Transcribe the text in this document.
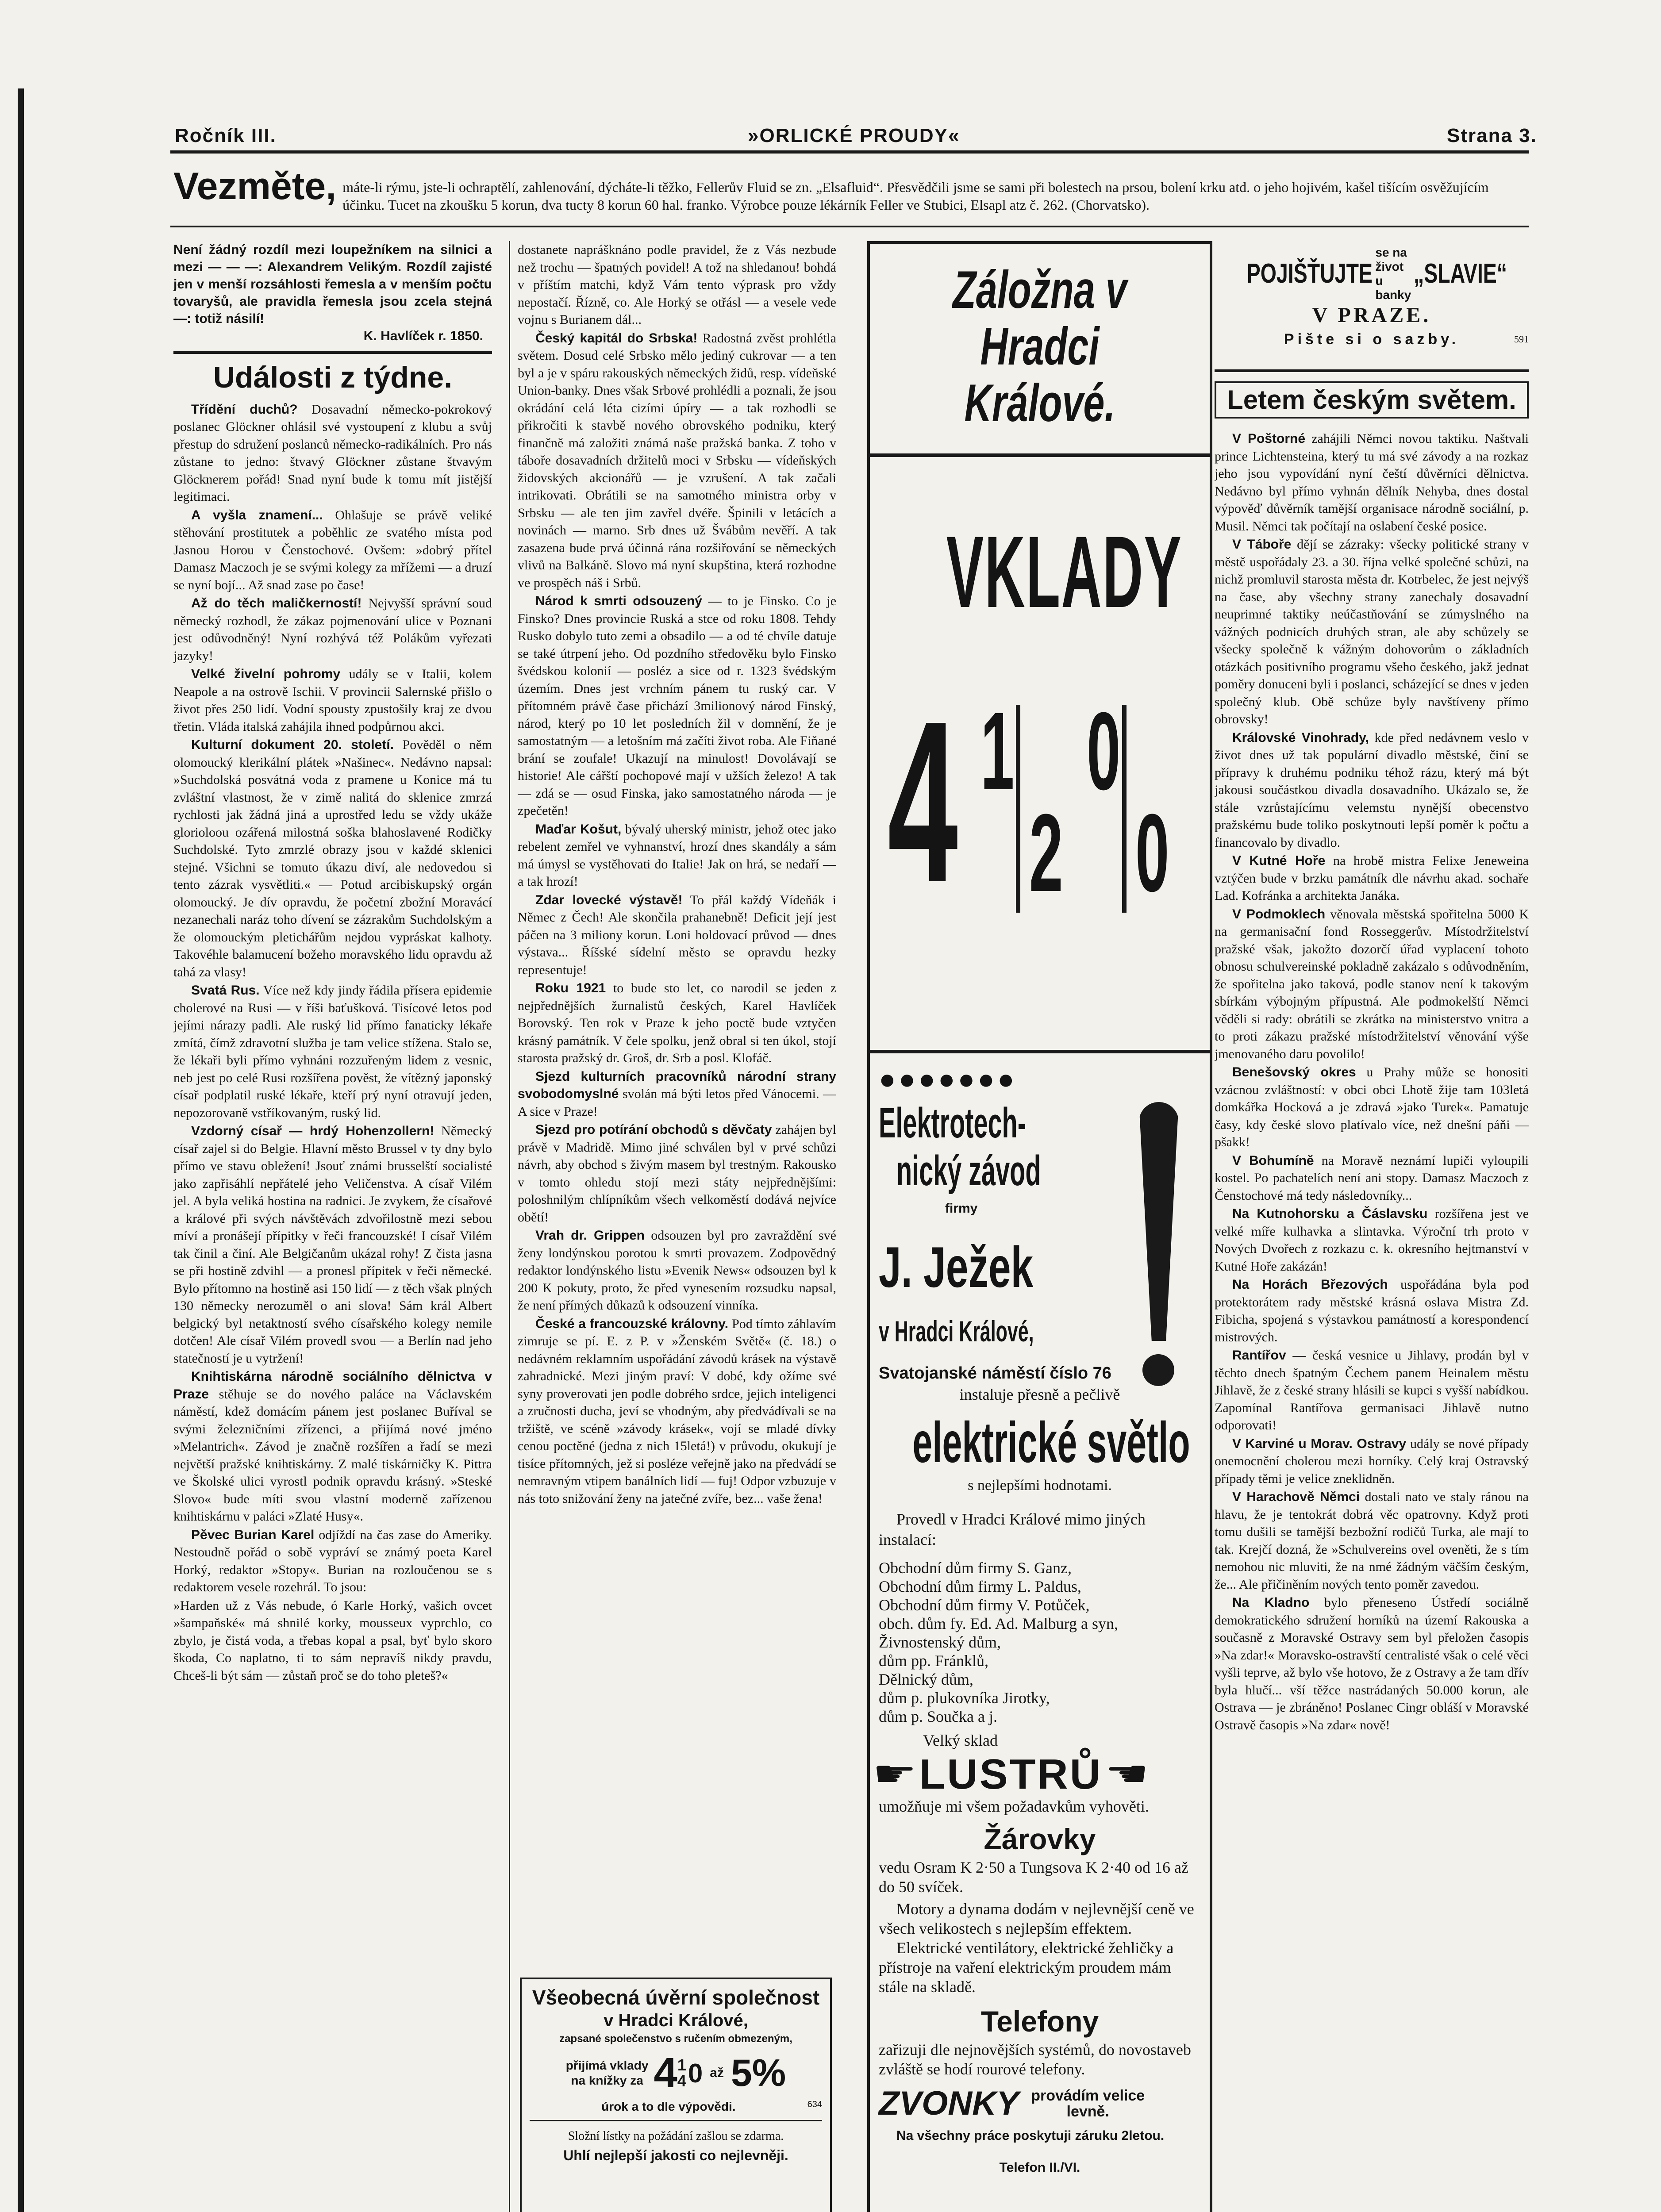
Ročník III.	»ORLICKÉ PROUDY«	Strana 3.
Vezměte, máte-li rýmu, jste-li ochraptělí, zahlenování, dýcháte-li těžko, Fellerův Fluid se zn. „Elsafluid“. Přesvědčili jsme se sami při bolestech na prsou, bolení krku atd. o jeho hojivém, kašel tišícím osvěžujícím účinku. Tucet na zkoušku 5 korun, dva tucty 8 korun 60 hal. franko. Výrobce pouze lékárník Feller ve Stubici, Elsapl atz č. 262. (Chorvatsko).
Není žádný rozdíl mezi loupežníkem na silnici a mezi — — —: Alexandrem Velikým. Rozdíl zajisté jen v menší rozsáhlosti řemesla a v menším počtu tovaryšů, ale pravidla řemesla jsou zcela stejná —: totiž násilí!
K. Havlíček r. 1850.
Události z týdne.

Třídění duchů? Dosavadní německo-pokrokový poslanec Glöckner ohlásil své vystoupení z klubu a svůj přestup do sdružení poslanců německo-radikálních. Pro nás zůstane to jedno: štvavý Glöckner zůstane štvavým Glöcknerem pořád! Snad nyní bude k tomu mít jistější legitimaci.

A vyšla znamení... Ohlašuje se právě veliké stěhování prostitutek a poběhlic ze svatého místa pod Jasnou Horou v Čenstochové. Ovšem: »dobrý přítel Damasz Maczoch je se svými kolegy za mřížemi — a druzí se nyní bojí... Až snad zase po čase!

Až do těch maličkerností! Nejvyšší správní soud německý rozhodl, že zákaz pojmenování ulice v Poznani jest odůvodněný! Nyní rozhývá též Polákům vyřezati jazyky!

Velké živelní pohromy udály se v Italii, kolem Neapole a na ostrově Ischii. V provincii Salernské přišlo o život přes 250 lidí. Vodní spousty zpustošily kraj ze dvou třetin. Vláda italská zahájila ihned podpůrnou akci.

Kulturní dokument 20. století. Pověděl o něm olomoucký klerikální plátek »Našinec«. Nedávno napsal: »Suchdolská posvátná voda z pramene u Konice má tu zvláštní vlastnost, že v zimě nalitá do sklenice zmrzá rychlosti jak žádná jiná a uprostřed ledu se vždy ukáže glorioloou ozářená milostná soška blahoslavené Rodičky Suchdolské. Tyto zmrzlé obrazy jsou v každé sklenici stejné. Všichni se tomuto úkazu diví, ale nedovedou si tento zázrak vysvětliti.« — Potud arcibiskupský orgán olomoucký. Je dív opravdu, že početní zbožní Moravácí nezanechali naráz toho dívení se zázrakům Suchdolským a že olomouckým pletichářům nejdou vypráskat kalhoty. Takovéhle balamucení božeho moravského lidu opravdu až tahá za vlasy!

Svatá Rus. Více než kdy jindy řádila přísera epidemie cholerové na Rusi — v říši baťušková. Tisícové letos pod jejími nárazy padli. Ale ruský lid přímo fanaticky lékaře zmítá, čímž zdravotní služba je tam velice stížena. Stalo se, že lékaři byli přímo vyhnáni rozzuřeným lidem z vesnic, neb jest po celé Rusi rozšířena pověst, že vítězný japonský císař podplatil ruské lékaře, kteří prý nyní otravují jeden, nepozorovaně vstříkovaným, ruský lid.

Vzdorný císař — hrdý Hohenzollern! Německý císař zajel si do Belgie. Hlavní město Brussel v ty dny bylo přímo ve stavu obležení! Jsouť známi brusselští socialisté jako zapřisáhlí nepřátelé jeho Veličenstva. A císař Vilém jel. A byla veliká hostina na radnici. Je zvykem, že císařové a králové při svých návštěvách zdvořilostně mezi sebou míví a pronášejí přípitky v řeči francouzské! I císař Vilém tak činil a činí. Ale Belgičanům ukázal rohy! Z čista jasna se při hostině zdvihl — a pronesl přípitek v řeči německé. Bylo přítomno na hostině asi 150 lidí — z těch však plných 130 německy nerozuměl o ani slova! Sám král Albert belgický byl netaktností svého císařského kolegy nemile dotčen! Ale císař Vilém provedl svou — a Berlín nad jeho statečností je u vytržení!

Knihtiskárna národně sociálního dělnictva v Praze stěhuje se do nového paláce na Václavském náměstí, kdež domácím pánem jest poslanec Buříval se svými železničními zřízenci, a přijímá nové jméno »Melantrich«. Závod je značně rozšířen a řadí se mezi největší pražské knihtiskárny. Z malé tiskárničky K. Pittra ve Školské ulici vyrostl podnik opravdu krásný. »Steské Slovo« bude míti svou vlastní moderně zařízenou knihtiskárnu v paláci »Zlaté Husy«.

Pěvec Burian Karel odjíždí na čas zase do Ameriky. Nestoudně pořád o sobě vypráví se známý poeta Karel Horký, redaktor »Stopy«. Burian na rozloučenou se s redaktorem vesele rozehrál. To jsou:

»Harden už z Vás nebude, ó Karle Horký, vašich ovcet »šampaňské« má shnilé korky, mousseux vyprchlo, co zbylo, je čistá voda, a třebas kopal a psal, byť bylo skoro škoda, Co naplatno, ti to sám nepravíš nikdy pravdu, Chceš-li být sám — zůstaň proč se do toho pleteš?«

dostanete naprášknáno podle pravidel, že z Vás nezbude než trochu — špatných povidel! A tož na shledanou! bohdá v příštím matchi, když Vám tento výprask pro vždy nepostačí. Řízně, co. Ale Horký se otřásl — a vesele vede vojnu s Burianem dál...

Český kapitál do Srbska! Radostná zvěst prohlétla světem. Dosud celé Srbsko mělo jediný cukrovar — a ten byl a je v spáru rakouských německých židů, resp. vídeňské Union-banky. Dnes však Srbové prohlédli a poznali, že jsou okrádání celá léta cizími úpíry — a tak rozhodli se přikročiti k stavbě nového obrovského podniku, který finančně má založiti známá naše pražská banka. Z toho v táboře dosavadních držitelů moci v Srbsku — vídeňských židovských akcionářů — je vzrušení. A tak začali intrikovati. Obrátili se na samotného ministra orby v Srbsku — ale ten jim zavřel dvéře. Špinili v letácích a novinách — marno. Srb dnes už Švábům nevěří. A tak zasazena bude prvá účinná rána rozšiřování se německých vlivů na Balkáně. Slovo má nyní skupština, která rozhodne ve prospěch náš i Srbů.

Národ k smrti odsouzený — to je Finsko. Co je Finsko? Dnes provincie Ruská a stce od roku 1808. Tehdy Rusko dobylo tuto zemi a obsadilo — a od té chvíle datuje se také útrpení jeho. Od pozdního středověku bylo Finsko švédskou kolonií — posléz a sice od r. 1323 švédským územím. Dnes jest vrchním pánem tu ruský car. V přítomném právě čase přichází 3milionový národ Finský, národ, který po 10 let posledních žil v domnění, že je samostatným — a letošním má začíti život roba. Ale Fiňané brání se zoufale! Ukazují na minulost! Dovolávají se historie! Ale cářští pochopové mají v užších železo! A tak — zdá se — osud Finska, jako samostatného národa — je zpečetěn!

Maďar Košut, bývalý uherský ministr, jehož otec jako rebelent zemřel ve vyhnanství, hrozí dnes skandály a sám má úmysl se vystěhovati do Italie! Jak on hrá, se nedaří — a tak hrozí!

Zdar lovecké výstavě! To přál každý Vídeňák i Němec z Čech! Ale skončila prahanebně! Deficit její jest páčen na 3 miliony korun. Loni holdovací průvod — dnes výstava... Říšské sídelní město se opravdu hezky representuje!

Roku 1921 to bude sto let, co narodil se jeden z nejpřednějších žurnalistů českých, Karel Havlíček Borovský. Ten rok v Praze k jeho poctě bude vztyčen krásný památník. V čele spolku, jenž obral si ten úkol, stojí starosta pražský dr. Groš, dr. Srb a posl. Klofáč.

Sjezd kulturních pracovníků národní strany svobodomyslné svolán má býti letos před Vánocemi. — A sice v Praze!

Sjezd pro potírání obchodů s děvčaty zahájen byl právě v Madridě. Mimo jiné schválen byl v prvé schůzi návrh, aby obchod s živým masem byl trestným. Rakousko v tomto ohledu stojí mezi státy nejpřednějšími: poloshnilým chlípníkům všech velkoměstí dodává nejvíce obětí!

Vrah dr. Grippen odsouzen byl pro zavraždění své ženy londýnskou porotou k smrti provazem. Zodpovědný redaktor londýnského listu »Evenik News« odsouzen byl k 200 K pokuty, proto, že před vynesením rozsudku napsal, že není přímých důkazů k odsouzení vinníka.

České a francouzské královny. Pod tímto záhlavím zimruje se pí. E. z P. v »Ženském Světě« (č. 18.) o nedávném reklamním uspořádání závodů krásek na výstavě zahradnické. Mezi jiným praví: V dobé, kdy ožíme své syny proverovati jen podle dobrého srdce, jejich inteligenci a zručnosti ducha, jeví se vhodným, aby předvádívali se na tržiště, ve scéně »závody krásek«, vojí se mladé dívky cenou poctěné (jedna z nich 15letá!) v průvodu, okukují je tisíce přítomných, jež si posléze veřejně jako na předvádí se nemravným vtipem banálních lidí — fuj! Odpor vzbuzuje v nás toto snižování ženy na jatečné zvíře, bez... vaše žena!

Všeobecná úvěrní společnost
v Hradci Králové,
zapsané společenstvo s ručením obmezeným,
přijímá vklady
na knížky za 4 1
4 0 až 5%
úrok a to dle výpovědi.	634
Složní lístky na požádání zašlou se zdarma.
Uhlí nejlepší jakosti co nejlevněji.
Záložna v Hradci
Králové.
VKLADY
4 1
2
0
0
●●●●●●●
Elektrotech-
nický závod
firmy
J. Ježek
v Hradci Králové,
Svatojanské náměstí číslo 76
instaluje přesně a pečlivě
elektrické světlo
s nejlepšími hodnotami.
Provedl v Hradci Králové mimo jiných instalací:
Obchodní dům firmy S. Ganz,
Obchodní dům firmy L. Paldus,
Obchodní dům firmy V. Potůček,
obch. dům fy. Ed. Ad. Malburg a syn,
Živnostenský dům,
dům pp. Fránklů,
Dělnický dům,
dům p. plukovníka Jirotky,
dům p. Součka a j.
Velký sklad
☛ LUSTRŮ ☛
umožňuje mi všem požadavkům vyhověti.
Žárovky
vedu Osram K 2·50 a Tungsova K 2·40 od 16 až do 50 svíček.
Motory a dynama dodám v nejlevnější ceně ve všech velikostech s nejlepším effektem.
Elektrické ventilátory, elektrické žehličky a přístroje na vaření elektrickým proudem mám stále na skladě.
Telefony
zařizuji dle nejnovějších systémů, do novostaveb zvláště se hodí rourové telefony.
ZVONKY provádím velice levně.
Na všechny práce poskytuji záruku 2letou.
Telefon II./VI.
POJIŠŤUJTE
se na život
u banky
„SLAVIE“
V PRAZE.
Pište si o sazby.	591
Letem českým světem.

V Poštorné zahájili Němci novou taktiku. Naštvali prince Lichtensteina, který tu má své závody a na rozkaz jeho jsou vypovídání nyní čeští důvěrníci dělnictva. Nedávno byl přímo vyhnán dělník Nehyba, dnes dostal výpověď důvěrník tamější organisace národně sociální, p. Musil. Němci tak počítají na oslabení české posice.

V Táboře dějí se zázraky: všecky politické strany v městě uspořádaly 23. a 30. října velké společné schůzi, na nichž promluvil starosta města dr. Kotrbelec, že jest nejvýš na čase, aby všechny strany zanechaly dosavadní neuprimné taktiky neúčastňování se zúmyslného na vážných podnicích druhých stran, ale aby schůzely se všecky společně k vážným dohovorům o základních otázkách positivního programu všeho českého, jakž jednat poměry donuceni byli i poslanci, scházející se dnes v jeden společný klub. Obě schůze byly navštíveny přímo obrovsky!

Královské Vinohrady, kde před nedávnem veslo v život dnes už tak populární divadlo městské, činí se přípravy k druhému podniku téhož rázu, který má být jakousi součástkou divadla dosavadního. Ukázalo se, že stále vzrůstajícímu velemstu nynější obecenstvo pražskému bude toliko poskytnouti lepší poměr k počtu a financovalo by divadlo.

V Kutné Hoře na hrobě mistra Felixe Jeneweina vztýčen bude v brzku památník dle návrhu akad. sochaře Lad. Kofránka a architekta Janáka.

V Podmoklech věnovala městská spořitelna 5000 K na germanisační fond Rosseggerův. Místodržitelství pražské však, jakožto dozorčí úřad vyplacení tohoto obnosu schulvereinské pokladně zakázalo s odůvodněním, že spořitelna jako taková, podle stanov není k takovým sbírkám výbojným přípustná. Ale podmokelští Němci věděli si rady: obrátili se zkrátka na ministerstvo vnitra a to proti zákazu pražské místodržitelství věnování výše jmenovaného daru povolilo!

Benešovský okres u Prahy může se honositi vzácnou zvláštností: v obci obci Lhotě žije tam 103letá domkářka Hocková a je zdravá »jako Turek«. Pamatuje časy, kdy české slovo platívalo více, než dnešní páňi — pšakk!

V Bohumíně na Moravě neznámí lupiči vyloupili kostel. Po pachatelích není ani stopy. Damasz Maczoch z Čenstochové má tedy následovníky...

Na Kutnohorsku a Čáslavsku rozšířena jest ve velké míře kulhavka a slintavka. Výroční trh proto v Nových Dvořech z rozkazu c. k. okresního hejtmanství v Kutné Hoře zakázán!

Na Horách Březových uspořádána byla pod protektorátem rady městské krásná oslava Mistra Zd. Fibicha, spojená s výstavkou památností a korespondencí mistrových.

Rantířov — česká vesnice u Jihlavy, prodán byl v těchto dnech špatným Čechem panem Heinalem městu Jihlavě, že z české strany hlásili se kupci s vyšší nabídkou. Zapomínal Rantířova germanisaci Jihlavě nutno odporovati!

V Karviné u Morav. Ostravy udály se nové případy onemocnění cholerou mezi horníky. Celý kraj Ostravský případy těmi je velice zneklidněn.

V Harachově Němci dostali nato ve staly ránou na hlavu, že je tentokrát dobrá věc opatrovny. Když proti tomu dušili se tamější bezbožní rodičů Turka, ale mají to tak. Krejčí dozná, že »Schulvereins ovel oveněti, že s tím nemohou nic mluviti, že na nmé žádným väčším českým, že... Ale přičiněním nových tento poměr zavedou.

Na Kladno bylo přeneseno Ústředí sociálně demokratického sdružení horníků na území Rakouska a současně z Moravské Ostravy sem byl přeložen časopis »Na zdar!« Moravsko-ostravští centralisté však o celé věci vyšli teprve, až bylo vše hotovo, že z Ostravy a že tam dřív byla hlučí... vší těžce nastrádaných 50.000 korun, ale Ostrava — je zbráněno! Poslanec Cingr obláší v Moravské Ostravě časopis »Na zdar« nově!
